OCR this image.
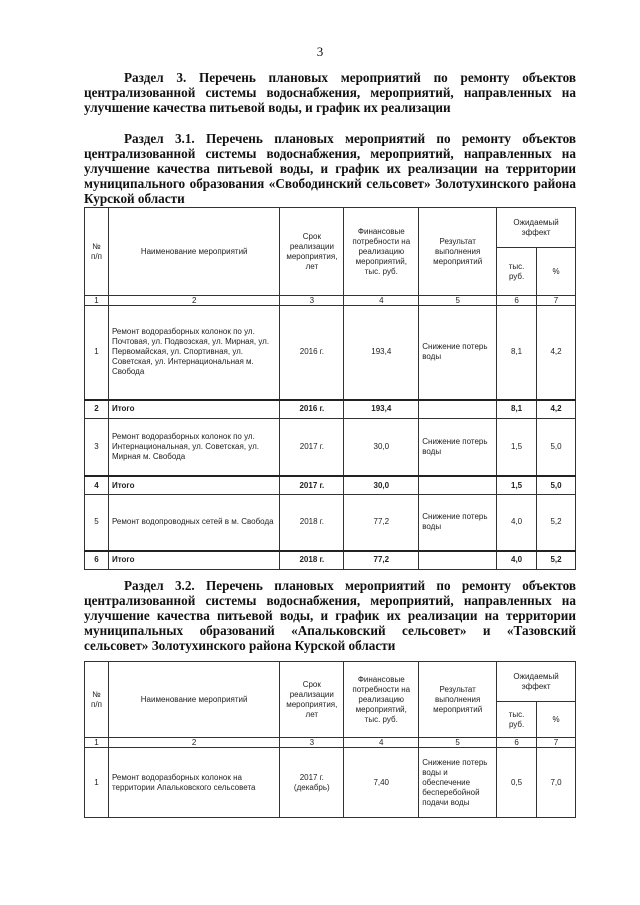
3
Раздел 3. Перечень плановых мероприятий по ремонту объектов централизованной системы водоснабжения, мероприятий, направленных на улучшение качества питьевой воды, и график их реализации
Раздел 3.1. Перечень плановых мероприятий по ремонту объектов централизованной системы водоснабжения, мероприятий, направленных на улучшение качества питьевой воды, и график их реализации на территории муниципального образования «Свободинский сельсовет» Золотухинского района Курской области
№ п/п	Наименование мероприятий	Срок реализации мероприятия, лет	Финансовые потребности на реализацию мероприятий, тыс. руб.	Результат выполнения мероприятий	Ожидаемый эффект	
					тыс. руб.	%
1	2	3	4	5	6	7
1	Ремонт водоразборных колонок по ул. Почтовая, ул. Подвозская, ул. Мирная, ул. Первомайская, ул. Спортивная, ул. Советская, ул. Интернациональная м. Свобода	2016 г.	193,4	Снижение потерь воды	8,1	4,2
2	Итого	2016 г.	193,4		8,1	4,2
3	Ремонт водоразборных колонок по ул. Интернациональная, ул. Советская, ул. Мирная м. Свобода	2017 г.	30,0	Снижение потерь воды	1,5	5,0
4	Итого	2017 г.	30,0		1,5	5,0
5	Ремонт водопроводных сетей в м. Свобода	2018 г.	77,2	Снижение потерь воды	4,0	5,2
6	Итого	2018 г.	77,2		4,0	5,2
Раздел 3.2. Перечень плановых мероприятий по ремонту объектов централизованной системы водоснабжения, мероприятий, направленных на улучшение качества питьевой воды, и график их реализации на территории муниципальных образований «Апальковский сельсовет» и «Тазовский сельсовет» Золотухинского района Курской области
№ п/п	Наименование мероприятий	Срок реализации мероприятия, лет	Финансовые потребности на реализацию мероприятий, тыс. руб.	Результат выполнения мероприятий	Ожидаемый эффект	
					тыс. руб.	%
1	2	3	4	5	6	7
1	Ремонт водоразборных колонок на территории Апальковского сельсовета	2017 г. (декабрь)	7,40	Снижение потерь воды и обеспечение бесперебойной подачи воды	0,5	7,0
